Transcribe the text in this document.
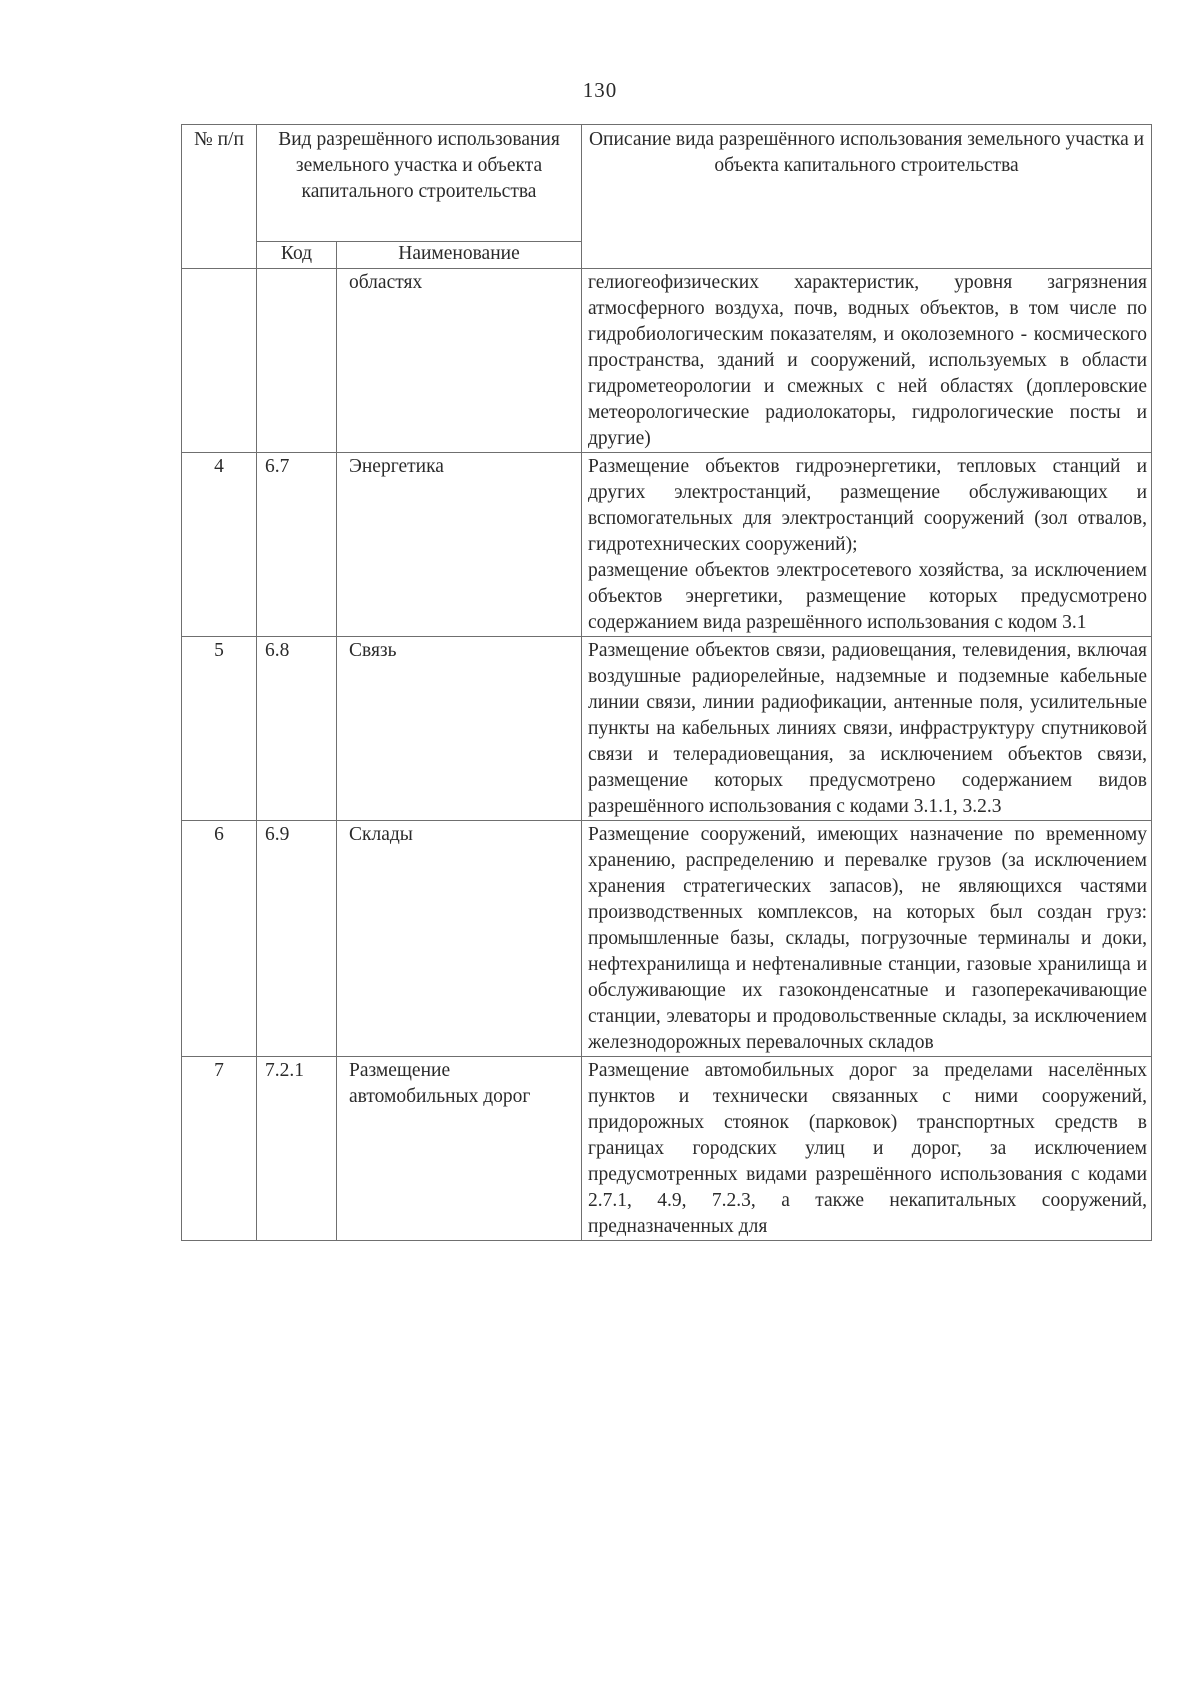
130
№ п/п	Вид разрешённого использования земельного участка и объекта капитального строительства		Описание вида разрешённого использования земельного участка и объекта капитального строительства
	Код	Наименование	
		областях	гелиогеофизических характеристик, уровня загрязнения атмосферного воздуха, почв, водных объектов, в том числе по гидробиологическим показателям, и околоземного - космического пространства, зданий и сооружений, используемых в области гидрометеорологии и смежных с ней областях (доплеровские метеорологические радиолокаторы, гидрологические посты и другие)

4	6.7	Энергетика	Размещение объектов гидроэнергетики, тепловых станций и других электростанций, размещение обслуживающих и вспомогательных для электростанций сооружений (зол отвалов, гидротехнических сооружений);
размещение объектов электросетевого хозяйства, за исключением объектов энергетики, размещение которых предусмотрено содержанием вида разрешённого использования с кодом 3.1

5	6.8	Связь	Размещение объектов связи, радиовещания, телевидения, включая воздушные радиорелейные, надземные и подземные кабельные линии связи, линии радиофикации, антенные поля, усилительные пункты на кабельных линиях связи, инфраструктуру спутниковой связи и телерадиовещания, за исключением объектов связи, размещение которых предусмотрено содержанием видов разрешённого использования с кодами 3.1.1, 3.2.3

6	6.9	Склады	Размещение сооружений, имеющих назначение по временному хранению, распределению и перевалке грузов (за исключением хранения стратегических запасов), не являющихся частями производственных комплексов, на которых был создан груз: промышленные базы, склады, погрузочные терминалы и доки, нефтехранилища и нефтеналивные станции, газовые хранилища и обслуживающие их газоконденсатные и газоперекачивающие станции, элеваторы и продовольственные склады, за исключением железнодорожных перевалочных складов

7	7.2.1	Размещение автомобильных дорог	Размещение автомобильных дорог за пределами населённых пунктов и технически связанных с ними сооружений, придорожных стоянок (парковок) транспортных средств в границах городских улиц и дорог, за исключением предусмотренных видами разрешённого использования с кодами 2.7.1, 4.9, 7.2.3, а также некапитальных сооружений, предназначенных для
